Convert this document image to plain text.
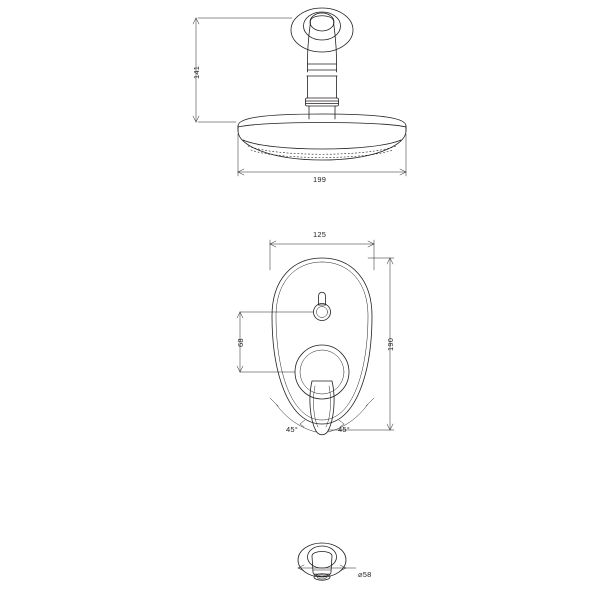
141
199
125
190
68
45°	45°
⌀58
